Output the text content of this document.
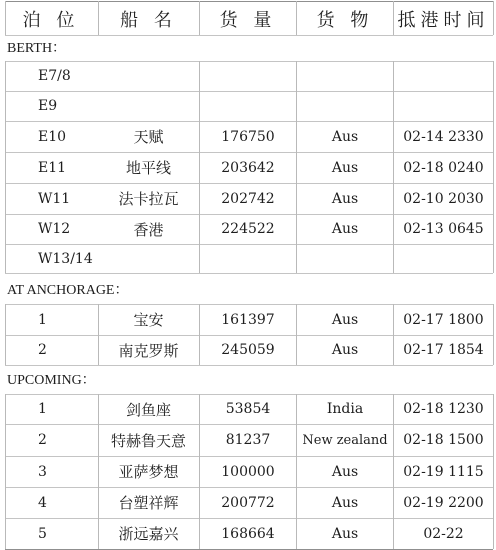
泊 位	船 名	货 量	货 物	抵港时间
BERTH：
E7/8
E9
E10	天赋	176750	Aus	02-14 2330
E11	地平线	203642	Aus	02-18 0240
W11	法卡拉瓦	202742	Aus	02-10 2030
W12	香港	224522	Aus	02-13 0645
W13/14
AT ANCHORAGE：
1	宝安	161397	Aus	02-17 1800
2	南克罗斯	245059	Aus	02-17 1854
UPCOMING：
1	剑鱼座	53854	India	02-18 1230
2	特赫鲁天意	81237	New zealand	02-18 1500
3	亚萨梦想	100000	Aus	02-19 1115
4	台塑祥辉	200772	Aus	02-19 2200
5	浙远嘉兴	168664	Aus	02-22
